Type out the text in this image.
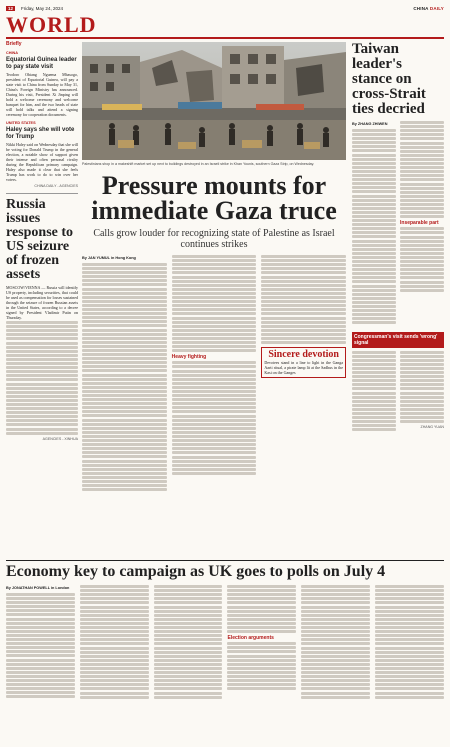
12	Friday, May 24, 2024	CHINA DAILY
WORLD
Briefly
CHINA
Equatorial Guinea leader to pay state visit
Teodoro Obiang Nguema Mbasogo, president of Equatorial Guinea, will pay a state visit to China from Sunday to May 31, China's Foreign Ministry has announced. During his visit, President Xi Jinping will hold a welcome ceremony and welcome banquet for him, and the two heads of state will hold talks and attend a signing ceremony for cooperation documents.
UNITED STATES
Haley says she will vote for Trump
Nikki Haley said on Wednesday that she will be voting for Donald Trump in the general election, a notable show of support given their intense and often personal rivalry during the Republican primary campaign. Haley also made it clear that she feels Trump has work to do to win over her voters.
CHINA DAILY - AGENCIES
Russia issues response to US seizure of frozen assets
MOSCOW/VIENNA — Russia will identify US property, including securities, that could be used as compensation for losses sustained through the seizure of frozen Russian assets in the United States, according to a decree signed by President Vladimir Putin on Thursday.
AGENCIES - XINHUA
Palestinians shop in a makeshift market set up next to buildings destroyed in an Israeli strike in Khan Younis, southern Gaza Strip, on Wednesday.
Pressure mounts for immediate Gaza truce
Calls grow louder for recognizing state of Palestine as Israel continues strikes
By JAN YUMUL in Hong Kong
Heavy fighting	Sincere devotion
Devotees stand in a line to light in the Ganga Aarti ritual, a pirate lamp lit at the Sadhus in the Kasi on the Ganges
Taiwan leader's stance on cross-Strait ties decried
By ZHANG ZHIWEN
Inseparable part
Congressman's visit sends 'wrong' signal
ZHANG YUAN
Economy key to campaign as UK goes to polls on July 4
By JONATHAN POWELL in London
Election arguments
